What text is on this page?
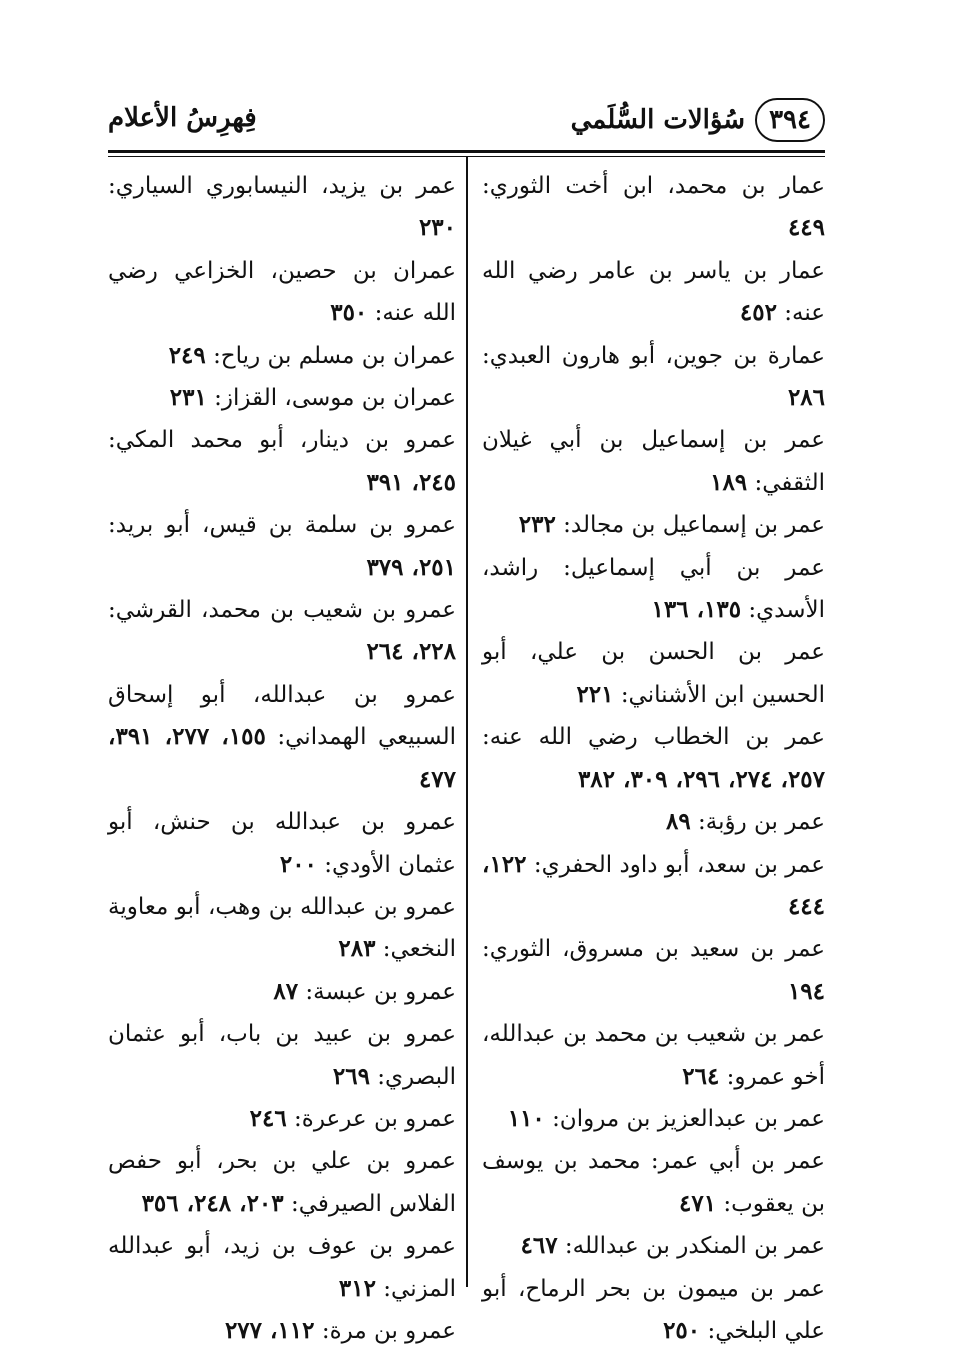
٣٩٤
سُؤالات السُّلَمي
فِهرِسُ الأعلام

عمار بن محمد، ابن أخت الثوري: ٤٤٩

عمار بن ياسر بن عامر رضي الله عنه: ٤٥٢

عمارة بن جوين، أبو هارون العبدي: ٢٨٦

عمر بن إسماعيل بن أبي غيلان الثقفي: ١٨٩

عمر بن إسماعيل بن مجالد: ٢٣٢

عمر بن أبي إسماعيل: راشد، الأسدي: ١٣٥، ١٣٦

عمر بن الحسن بن علي، أبو الحسين ابن الأشناني: ٢٢١

عمر بن الخطاب رضي الله عنه: ٢٥٧، ٢٧٤، ٢٩٦، ٣٠٩، ٣٨٢

عمر بن رؤبة: ٨٩

عمر بن سعد، أبو داود الحفري: ١٢٢، ٤٤٤

عمر بن سعيد بن مسروق، الثوري: ١٩٤

عمر بن شعيب بن محمد بن عبدالله، أخو عمرو: ٢٦٤

عمر بن عبدالعزيز بن مروان: ١١٠

عمر بن أبي عمر: محمد بن يوسف بن يعقوب: ٤٧١

عمر بن المنكدر بن عبدالله: ٤٦٧

عمر بن ميمون بن بحر الرماح، أبو علي البلخي: ٢٥٠

عمر بن يزيد، النيسابوري السياري: ٢٣٠

عمران بن حصين، الخزاعي رضي الله عنه: ٣٥٠

عمران بن مسلم بن رياح: ٢٤٩

عمران بن موسى، القزاز: ٢٣١

عمرو بن دينار، أبو محمد المكي: ٢٤٥، ٣٩١

عمرو بن سلمة بن قيس، أبو بريد: ٢٥١، ٣٧٩

عمرو بن شعيب بن محمد، القرشي: ٢٢٨، ٢٦٤

عمرو بن عبدالله، أبو إسحاق السبيعي الهمداني: ١٥٥، ٢٧٧، ٣٩١، ٤٧٧

عمرو بن عبدالله بن حنش، أبو عثمان الأودي: ٢٠٠

عمرو بن عبدالله بن وهب، أبو معاوية النخعي: ٢٨٣

عمرو بن عبسة: ٨٧

عمرو بن عبيد بن باب، أبو عثمان البصري: ٢٦٩

عمرو بن عرعرة: ٢٤٦

عمرو بن علي بن بحر، أبو حفص الفلاس الصيرفي: ٢٠٣، ٢٤٨، ٣٥٦

عمرو بن عوف بن زيد، أبو عبدالله المزني: ٣١٢

عمرو بن مرة: ١١٢، ٢٧٧
